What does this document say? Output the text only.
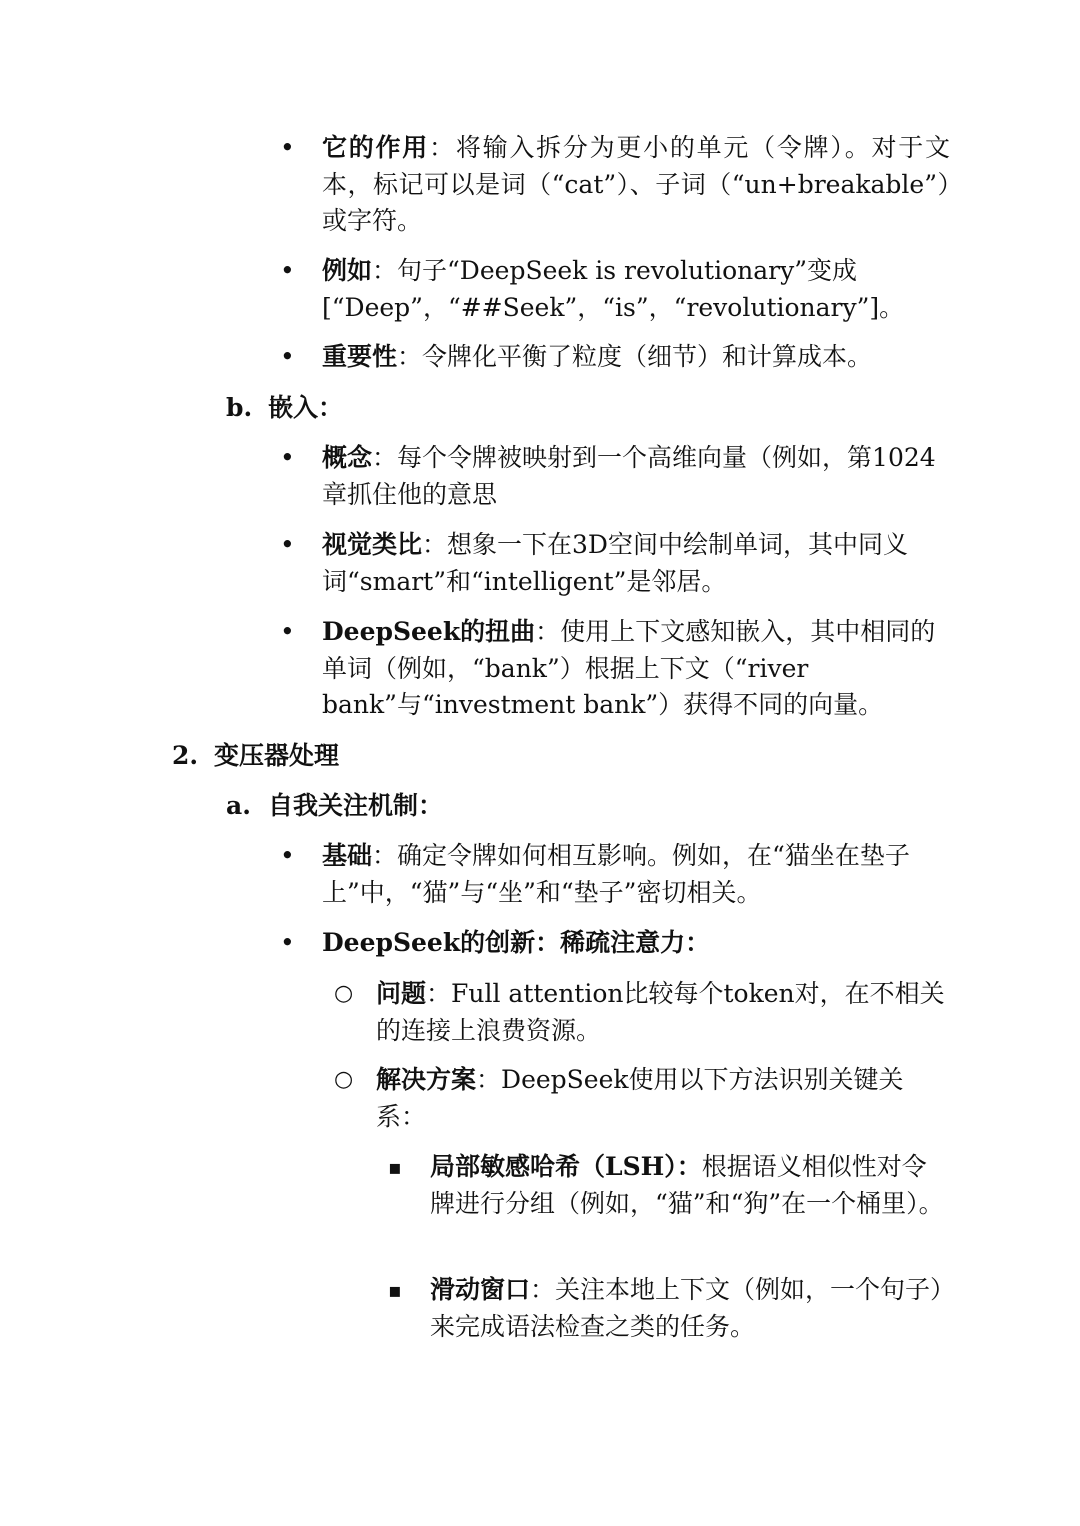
• 它的作用：将输入拆分为更小的单元（令牌）。对于文本，标记可以是词（“cat”）、子词（“un+breakable”）或字符。
• 例如：句子“DeepSeek is revolutionary”变成[“Deep”，“##Seek”，“is”，“revolutionary”]。
• 重要性：令牌化平衡了粒度（细节）和计算成本。
b. 嵌入：
• 概念：每个令牌被映射到一个高维向量（例如，第1024章抓住他的意思
• 视觉类比：想象一下在3D空间中绘制单词，其中同义词“smart”和“intelligent”是邻居。
• DeepSeek的扭曲：使用上下文感知嵌入，其中相同的单词（例如，“bank”）根据上下文（“river bank”与“investment bank”）获得不同的向量。
2. 变压器处理
a. 自我关注机制：
• 基础：确定令牌如何相互影响。例如，在“猫坐在垫子上”中，“猫”与“坐”和“垫子”密切相关。
• DeepSeek的创新：稀疏注意力：
○ 问题：Full attention比较每个token对，在不相关的连接上浪费资源。
○ 解决方案：DeepSeek使用以下方法识别关键关系：
▪ 局部敏感哈希（LSH）：根据语义相似性对令牌进行分组（例如，“猫”和“狗”在一个桶里）。
▪ 滑动窗口：关注本地上下文（例如，一个句子）来完成语法检查之类的任务。
